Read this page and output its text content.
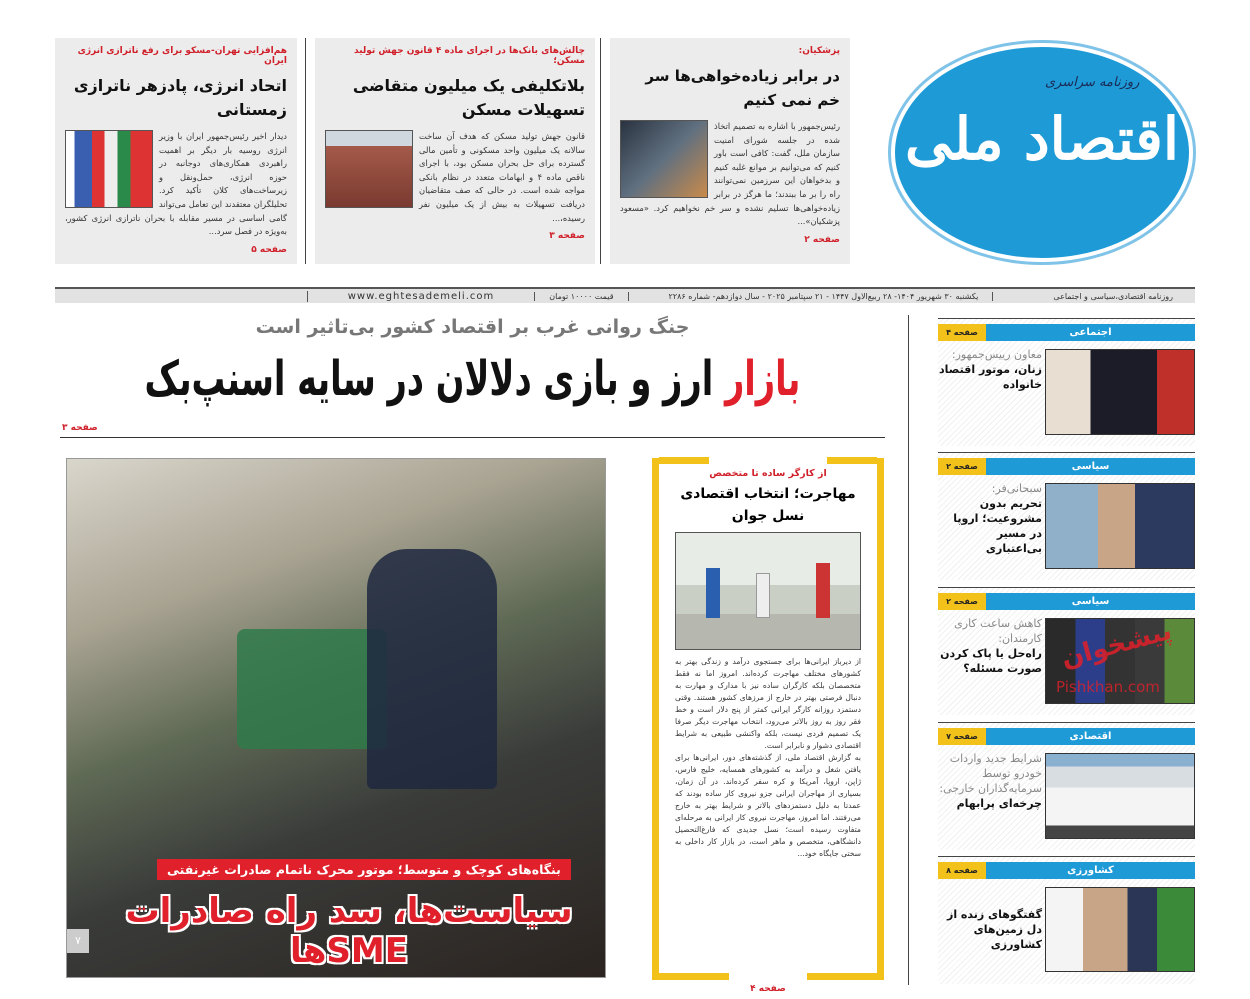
روزنامه سراسری
اقتصاد ملی
پزشکیان:
در برابر زیاده‌خواهی‌ها سر خم نمی کنیم
رئیس‌جمهور با اشاره به تصمیم اتخاذ شده در جلسه شورای امنیت سازمان ملل، گفت: کافی است باور کنیم که می‌توانیم بر موانع غلبه کنیم و بدخواهان این سرزمین نمی‌توانند راه را بر ما ببندند؛ ما هرگز در برابر زیاده‌خواهی‌ها تسلیم نشده و سر خم نخواهیم کرد. «مسعود پزشکیان»...
صفحه ۲
چالش‌های بانک‌ها در اجرای ماده ۴ قانون جهش تولید مسکن؛
بلاتکلیفی یک میلیون متقاضی تسهیلات مسکن
قانون جهش تولید مسکن که هدف آن ساخت سالانه یک میلیون واحد مسکونی و تأمین مالی گسترده برای حل بحران مسکن بود، با اجرای ناقص ماده ۴ و ابهامات متعدد در نظام بانکی مواجه شده است. در حالی که صف متقاضیان دریافت تسهیلات به بیش از یک میلیون نفر رسیده،...
صفحه ۳
هم‌افزایی تهران-مسکو برای رفع ناترازی انرژی ایران
اتحاد انرژی، پادزهر ناترازی زمستانی
دیدار اخیر رئیس‌جمهور ایران با وزیر انرژی روسیه بار دیگر بر اهمیت راهبردی همکاری‌های دوجانبه در حوزه انرژی، حمل‌ونقل و زیرساخت‌های کلان تأکید کرد. تحلیلگران معتقدند این تعامل می‌تواند گامی اساسی در مسیر مقابله با بحران ناترازی انرژی کشور، به‌ویژه در فصل سرد...
صفحه ۵
روزنامه اقتصادی،سیاسی و اجتماعی
یکشنبه ۳۰ شهریور ۱۴۰۴- ۲۸ ربیع‌الاول ۱۴۴۷ - ۲۱ سپتامبر ۲۰۲۵ - سال دوازدهم- شماره ۲۲۸۶
قیمت ۱۰۰۰۰ تومان
www.eghtesademeli.com
جنگ روانی غرب بر اقتصاد کشور بی‌تاثیر است
بازار ارز و بازی دلالان در سایه اسنپ‌بک
صفحه ۳
بنگاه‌های کوچک و متوسط؛ موتور محرک ناتمام صادرات غیرنفتی
۷
سیاست‌ها، سد راه صادرات SMEها
از کارگر ساده تا متخصص
مهاجرت؛ انتخاب اقتصادی نسل جوان
از دیرباز ایرانی‌ها برای جستجوی درآمد و زندگی بهتر به کشورهای مختلف مهاجرت کرده‌اند. امروز اما نه فقط متخصصان بلکه کارگران ساده نیز با مدارک و مهارت به دنبال فرصتی بهتر در خارج از مرزهای کشور هستند. وقتی دستمزد روزانه کارگر ایرانی کمتر از پنج دلار است و خط فقر روز به روز بالاتر می‌رود، انتخاب مهاجرت دیگر صرفا یک تصمیم فردی نیست، بلکه واکنشی طبیعی به شرایط اقتصادی دشوار و نابرابر است.
به گزارش اقتصاد ملی، از گذشته‌های دور، ایرانی‌ها برای یافتن شغل و درآمد به کشورهای همسایه، خلیج فارس، ژاپن، اروپا، آمریکا و کره سفر کرده‌اند. در آن زمان، بسیاری از مهاجران ایرانی جزو نیروی کار ساده بودند که عمدتا به دلیل دستمزدهای بالاتر و شرایط بهتر به خارج می‌رفتند. اما امروز، مهاجرت نیروی کار ایرانی به مرحله‌ای متفاوت رسیده است؛ نسل جدیدی که فارغ‌التحصیل دانشگاهی، متخصص و ماهر است، در بازار کار داخلی به سختی جایگاه خود...
صفحه ۴
اجتماعی
صفحه ۴
معاون رییس‌جمهور:
زنان، موتور اقتصاد خانواده
سیاسی
صفحه ۲
سبحانی‌فر:
تحریم بدون مشروعیت؛ اروپا در مسیر بی‌اعتباری
سیاسی
صفحه ۲
کاهش ساعت کاری کارمندان:
راه‌حل یا پاک کردن صورت مسئله؟
اقتصادی
صفحه ۷
شرایط جدید واردات خودرو توسط سرمایه‌گذاران خارجی:
چرخه‌ای پرابهام
کشاورزی
صفحه ۸
گفتگوهای زنده از دل زمین‌های کشاورزی
پیشخوان
Pishkhan.com
